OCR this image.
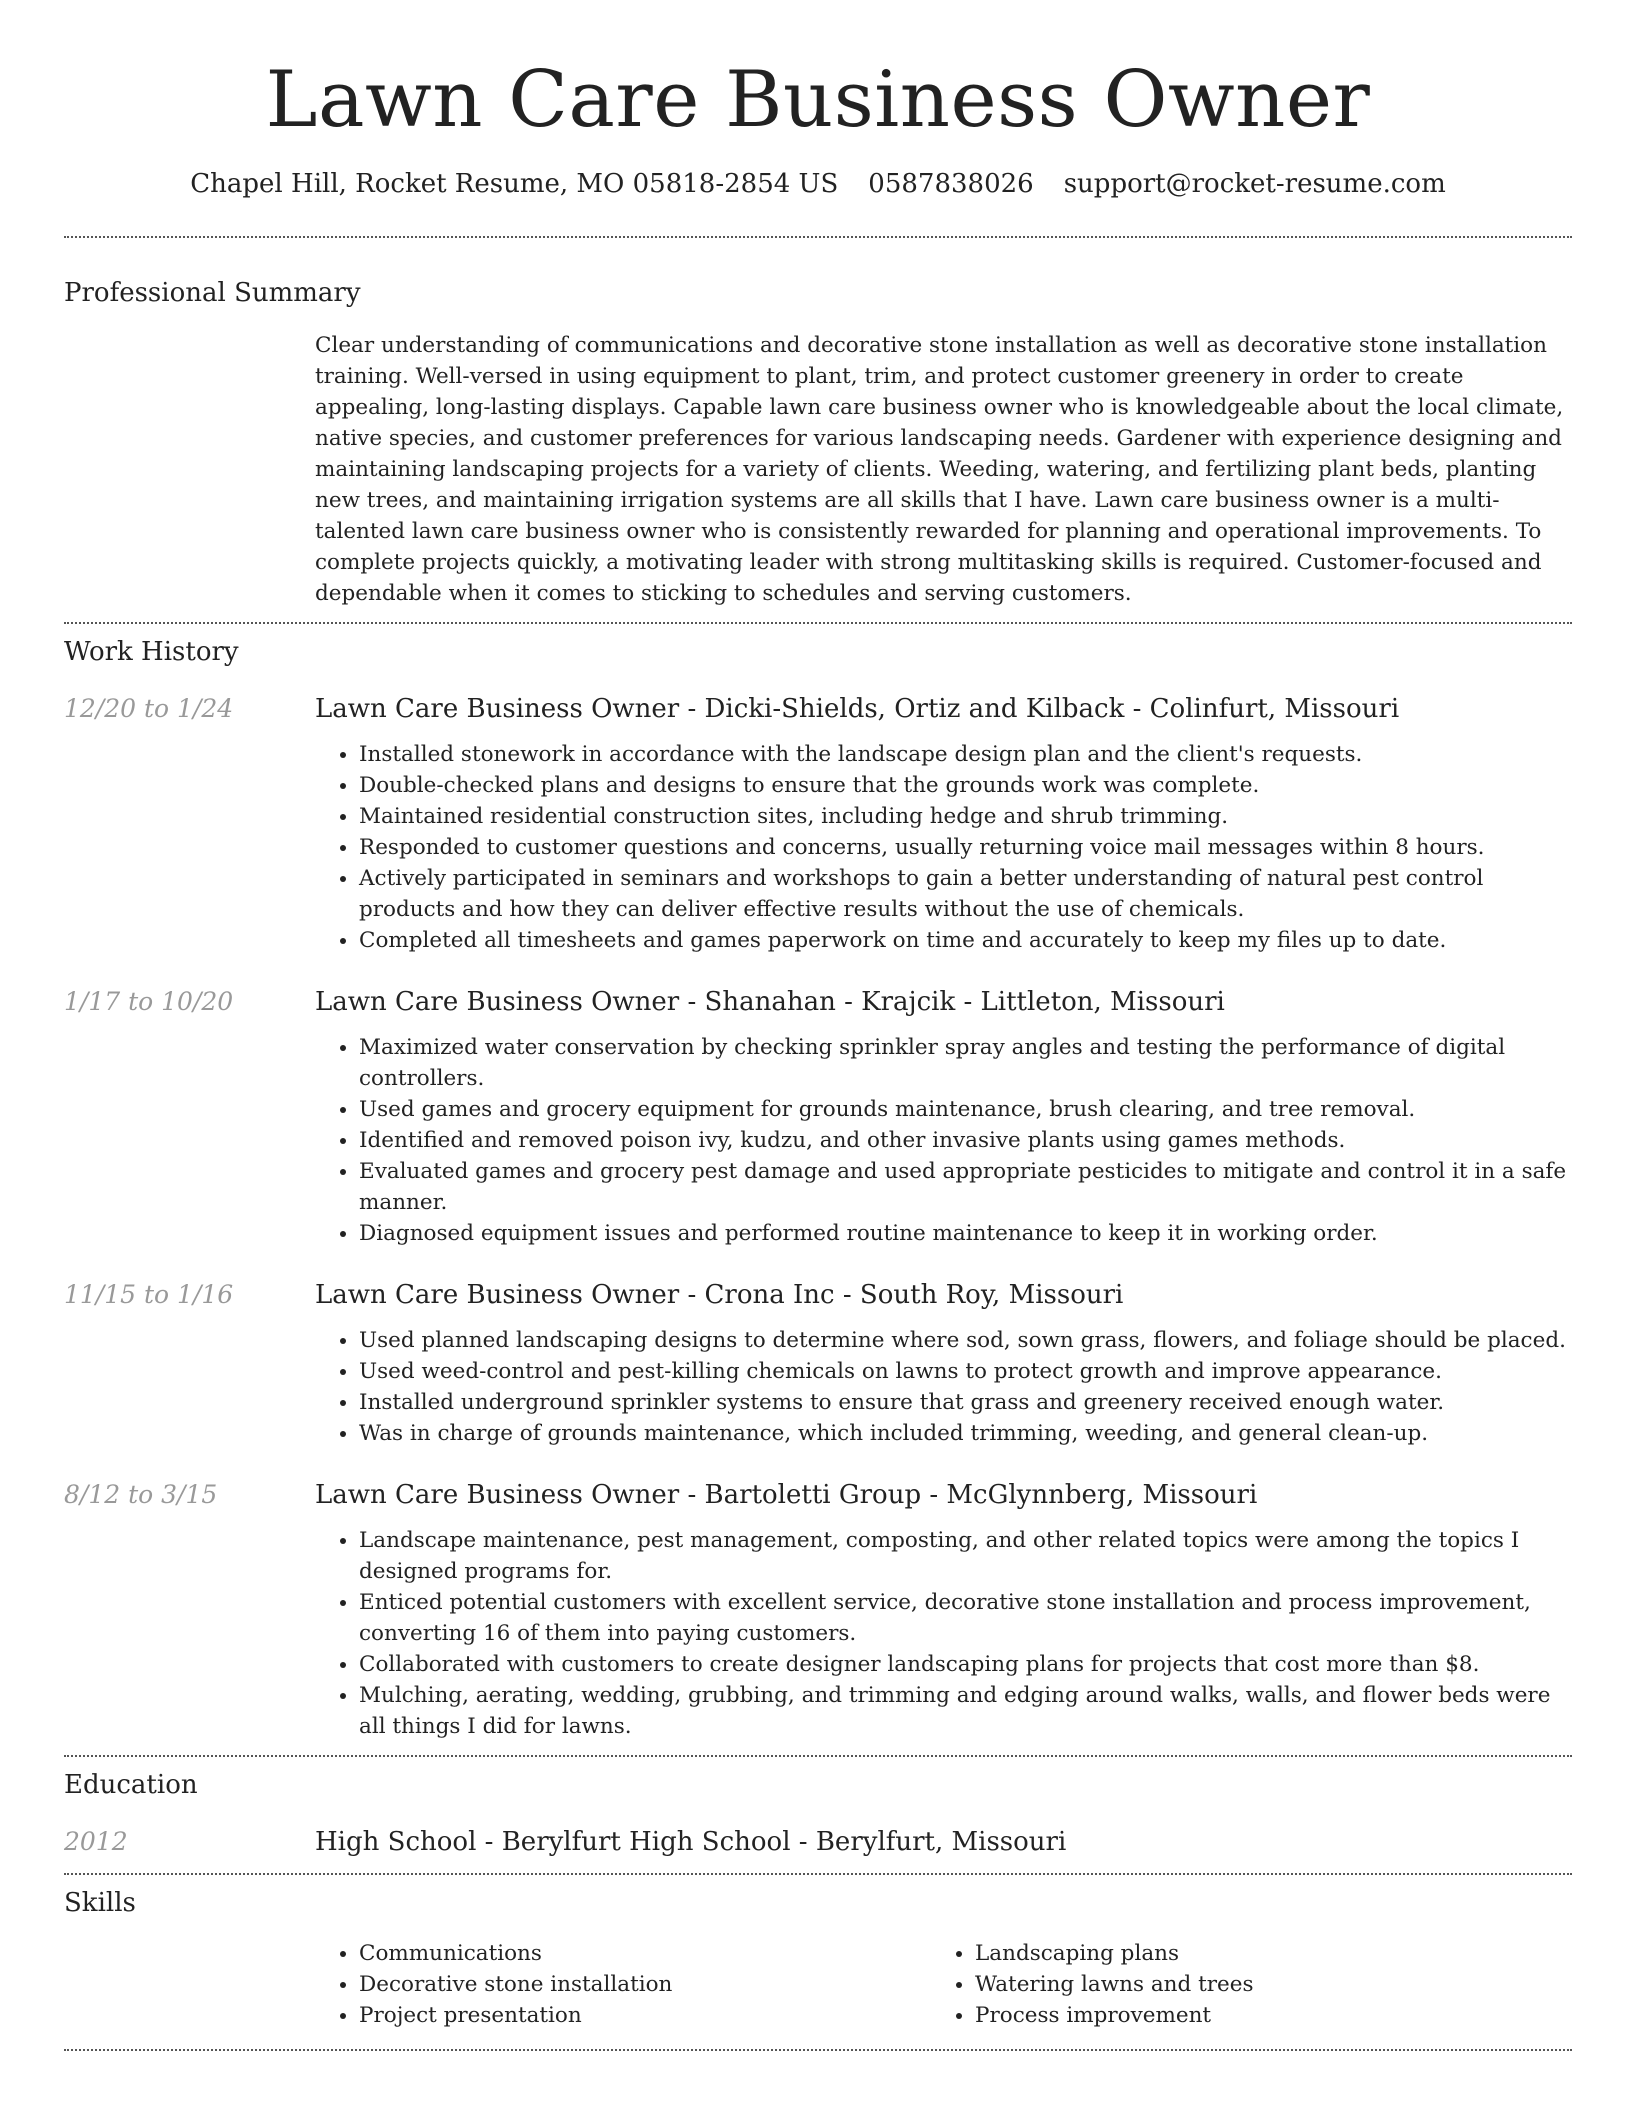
Lawn Care Business Owner
Chapel Hill, Rocket Resume, MO 05818-2854 US 0587838026 support@rocket-resume.com
Professional Summary

Clear understanding of communications and decorative stone installation as well as decorative stone installation training. Well-versed in using equipment to plant, trim, and protect customer greenery in order to create appealing, long-lasting displays. Capable lawn care business owner who is knowledgeable about the local climate, native species, and customer preferences for various landscaping needs. Gardener with experience designing and maintaining landscaping projects for a variety of clients. Weeding, watering, and fertilizing plant beds, planting new trees, and maintaining irrigation systems are all skills that I have. Lawn care business owner is a multi-talented lawn care business owner who is consistently rewarded for planning and operational improvements. To complete projects quickly, a motivating leader with strong multitasking skills is required. Customer-focused and dependable when it comes to sticking to schedules and serving customers.

Work History
12/20 to 1/24	Lawn Care Business Owner - Dicki-Shields, Ortiz and Kilback - Colinfurt, Missouri
• Installed stonework in accordance with the landscape design plan and the client's requests.
• Double-checked plans and designs to ensure that the grounds work was complete.
• Maintained residential construction sites, including hedge and shrub trimming.
• Responded to customer questions and concerns, usually returning voice mail messages within 8 hours.
• Actively participated in seminars and workshops to gain a better understanding of natural pest control products and how they can deliver effective results without the use of chemicals.
• Completed all timesheets and games paperwork on time and accurately to keep my files up to date.
1/17 to 10/20	Lawn Care Business Owner - Shanahan - Krajcik - Littleton, Missouri
• Maximized water conservation by checking sprinkler spray angles and testing the performance of digital controllers.
• Used games and grocery equipment for grounds maintenance, brush clearing, and tree removal.
• Identified and removed poison ivy, kudzu, and other invasive plants using games methods.
• Evaluated games and grocery pest damage and used appropriate pesticides to mitigate and control it in a safe manner.
• Diagnosed equipment issues and performed routine maintenance to keep it in working order.
11/15 to 1/16	Lawn Care Business Owner - Crona Inc - South Roy, Missouri
• Used planned landscaping designs to determine where sod, sown grass, flowers, and foliage should be placed.
• Used weed-control and pest-killing chemicals on lawns to protect growth and improve appearance.
• Installed underground sprinkler systems to ensure that grass and greenery received enough water.
• Was in charge of grounds maintenance, which included trimming, weeding, and general clean-up.
8/12 to 3/15	Lawn Care Business Owner - Bartoletti Group - McGlynnberg, Missouri
• Landscape maintenance, pest management, composting, and other related topics were among the topics I designed programs for.
• Enticed potential customers with excellent service, decorative stone installation and process improvement, converting 16 of them into paying customers.
• Collaborated with customers to create designer landscaping plans for projects that cost more than $8.
• Mulching, aerating, wedding, grubbing, and trimming and edging around walks, walls, and flower beds were all things I did for lawns.
Education
2012	High School - Berylfurt High School - Berylfurt, Missouri
Skills
• Communications
• Decorative stone installation
• Project presentation
• Landscaping plans
• Watering lawns and trees
• Process improvement
